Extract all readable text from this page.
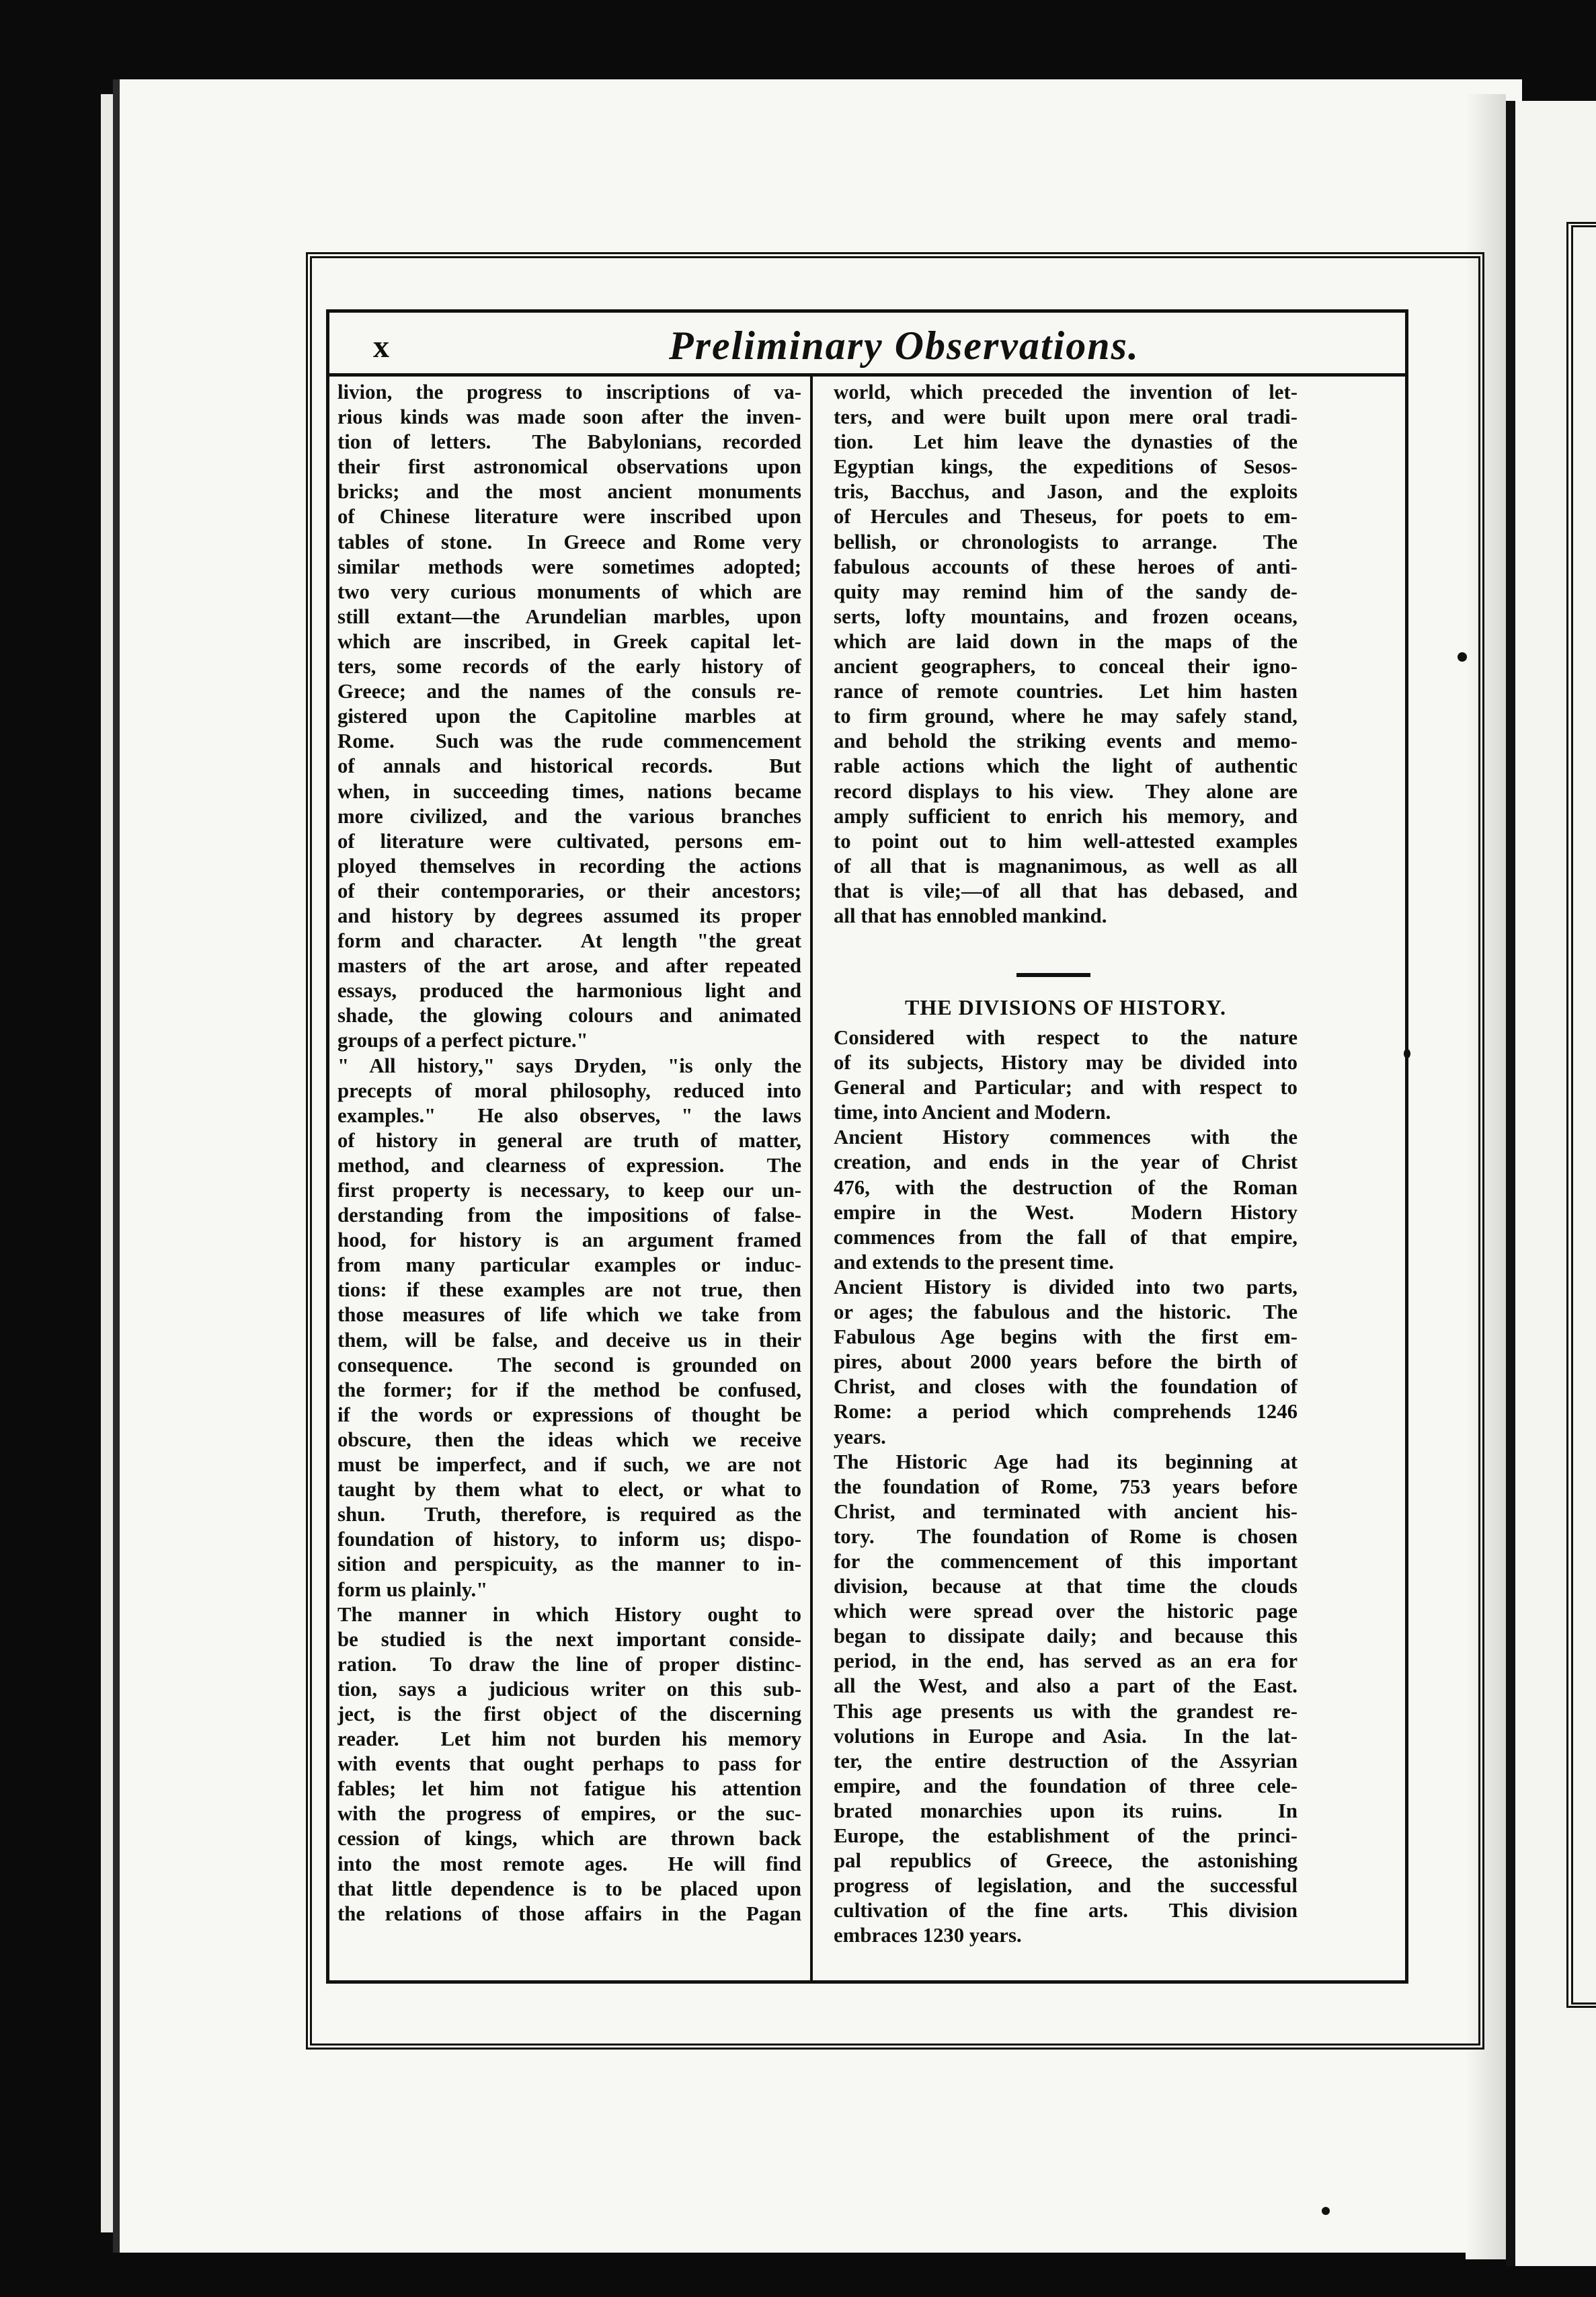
x	Preliminary Observations.
livion, the progress to inscriptions of va-
rious kinds was made soon after the inven-
tion of letters.  The Babylonians, recorded
their first astronomical observations upon
bricks; and the most ancient monuments
of Chinese literature were inscribed upon
tables of stone.  In Greece and Rome very
similar methods were sometimes adopted;
two very curious monuments of which are
still extant—the Arundelian marbles, upon
which are inscribed, in Greek capital let-
ters, some records of the early history of
Greece; and the names of the consuls re-
gistered upon the Capitoline marbles at
Rome.  Such was the rude commencement
of annals and historical records.  But
when, in succeeding times, nations became
more civilized, and the various branches
of literature were cultivated, persons em-
ployed themselves in recording the actions
of their contemporaries, or their ancestors;
and history by degrees assumed its proper
form and character.  At length "the great
masters of the art arose, and after repeated
essays, produced the harmonious light and
shade, the glowing colours and animated
groups of a perfect picture."
" All history," says Dryden, "is only the
precepts of moral philosophy, reduced into
examples."  He also observes, " the laws
of history in general are truth of matter,
method, and clearness of expression.  The
first property is necessary, to keep our un-
derstanding from the impositions of false-
hood, for history is an argument framed
from many particular examples or induc-
tions: if these examples are not true, then
those measures of life which we take from
them, will be false, and deceive us in their
consequence.  The second is grounded on
the former; for if the method be confused,
if the words or expressions of thought be
obscure, then the ideas which we receive
must be imperfect, and if such, we are not
taught by them what to elect, or what to
shun.  Truth, therefore, is required as the
foundation of history, to inform us; dispo-
sition and perspicuity, as the manner to in-
form us plainly."
The manner in which History ought to
be studied is the next important conside-
ration.  To draw the line of proper distinc-
tion, says a judicious writer on this sub-
ject, is the first object of the discerning
reader.  Let him not burden his memory
with events that ought perhaps to pass for
fables; let him not fatigue his attention
with the progress of empires, or the suc-
cession of kings, which are thrown back
into the most remote ages.  He will find
that little dependence is to be placed upon
the relations of those affairs in the Pagan
world, which preceded the invention of let-
ters, and were built upon mere oral tradi-
tion.  Let him leave the dynasties of the
Egyptian kings, the expeditions of Sesos-
tris, Bacchus, and Jason, and the exploits
of Hercules and Theseus, for poets to em-
bellish, or chronologists to arrange.  The
fabulous accounts of these heroes of anti-
quity may remind him of the sandy de-
serts, lofty mountains, and frozen oceans,
which are laid down in the maps of the
ancient geographers, to conceal their igno-
rance of remote countries.  Let him hasten
to firm ground, where he may safely stand,
and behold the striking events and memo-
rable actions which the light of authentic
record displays to his view.  They alone are
amply sufficient to enrich his memory, and
to point out to him well-attested examples
of all that is magnanimous, as well as all
that is vile;—of all that has debased, and
all that has ennobled mankind.
THE DIVISIONS OF HISTORY.
Considered with respect to the nature
of its subjects, History may be divided into
General and Particular; and with respect to
time, into Ancient and Modern.
Ancient History commences with the
creation, and ends in the year of Christ
476, with the destruction of the Roman
empire in the West.  Modern History
commences from the fall of that empire,
and extends to the present time.
Ancient History is divided into two parts,
or ages; the fabulous and the historic.  The
Fabulous Age begins with the first em-
pires, about 2000 years before the birth of
Christ, and closes with the foundation of
Rome: a period which comprehends 1246
years.
The Historic Age had its beginning at
the foundation of Rome, 753 years before
Christ, and terminated with ancient his-
tory.  The foundation of Rome is chosen
for the commencement of this important
division, because at that time the clouds
which were spread over the historic page
began to dissipate daily; and because this
period, in the end, has served as an era for
all the West, and also a part of the East.
This age presents us with the grandest re-
volutions in Europe and Asia.  In the lat-
ter, the entire destruction of the Assyrian
empire, and the foundation of three cele-
brated monarchies upon its ruins.  In
Europe, the establishment of the princi-
pal republics of Greece, the astonishing
progress of legislation, and the successful
cultivation of the fine arts.  This division
embraces 1230 years.
